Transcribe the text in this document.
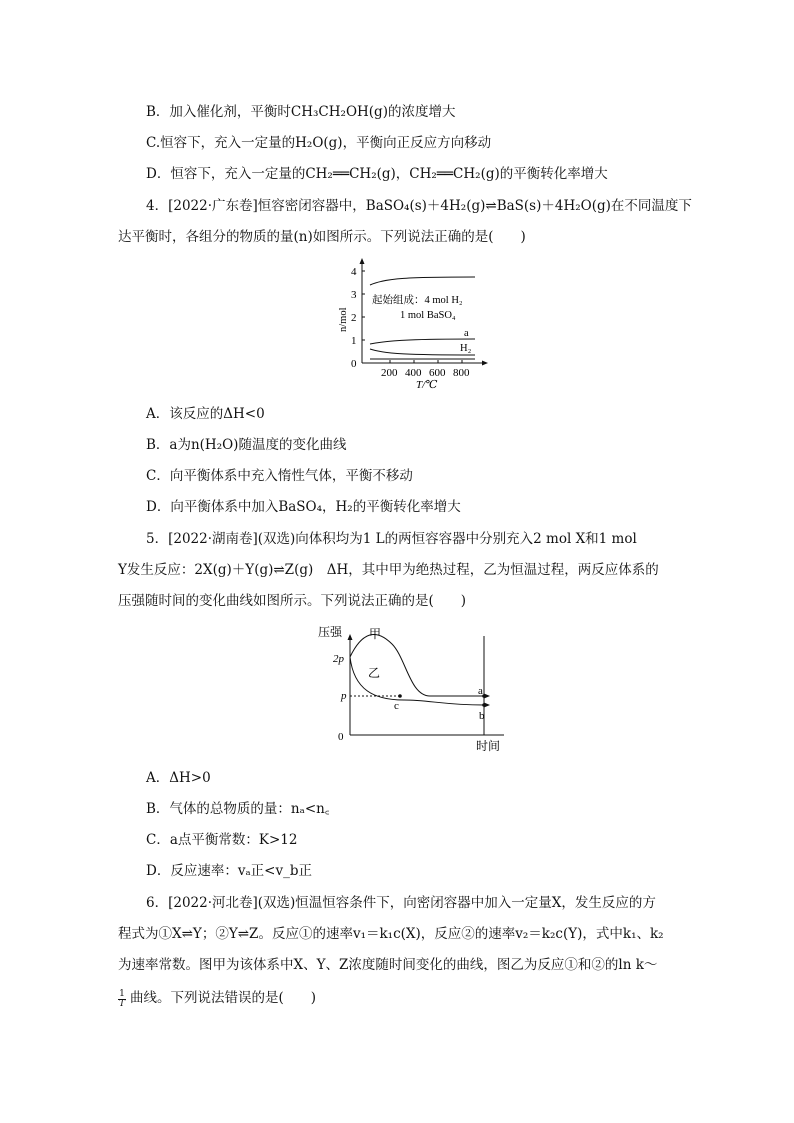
B．加入催化剂，平衡时CH₃CH₂OH(g)的浓度增大
C.恒容下，充入一定量的H₂O(g)，平衡向正反应方向移动
D．恒容下，充入一定量的CH₂══CH₂(g)，CH₂══CH₂(g)的平衡转化率增大
4．[2022·广东卷]恒容密闭容器中，BaSO₄(s)＋4H₂(g)⇌BaS(s)＋4H₂O(g)在不同温度下
达平衡时，各组分的物质的量(n)如图所示。下列说法正确的是(　　)
0
1
2
3
4
200 400 600 800
T/℃
n/mol
起始组成：4 mol H₂
1 mol BaSO₄
a
H₂
A．该反应的ΔH<0
B．a为n(H₂O)随温度的变化曲线
C．向平衡体系中充入惰性气体，平衡不移动
D．向平衡体系中加入BaSO₄，H₂的平衡转化率增大
5．[2022·湖南卷](双选)向体积均为1 L的两恒容容器中分别充入2 mol X和1 mol
Y发生反应：2X(g)＋Y(g)⇌Z(g)　ΔH，其中甲为绝热过程，乙为恒温过程，两反应体系的
压强随时间的变化曲线如图所示。下列说法正确的是(　　)
压强
时间
0
2p
p
甲
乙
a
b
c
A．ΔH>0
B．气体的总物质的量：nₐ<n꜀
C．a点平衡常数：K>12
D．反应速率：vₐ正<v_b正
6．[2022·河北卷](双选)恒温恒容条件下，向密闭容器中加入一定量X，发生反应的方
程式为①X⇌Y；②Y⇌Z。反应①的速率v₁＝k₁c(X)，反应②的速率v₂＝k₂c(Y)，式中k₁、k₂
为速率常数。图甲为该体系中X、Y、Z浓度随时间变化的曲线，图乙为反应①和②的ln k～
$\frac{1}{T}$ 曲线。下列说法错误的是(　　)
